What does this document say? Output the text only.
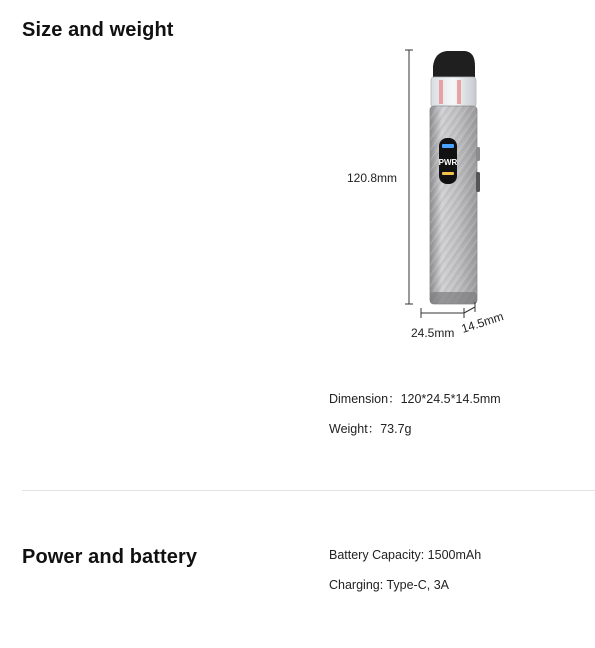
Size and weight
120.8mm
PWR
24.5mm 14.5mm
Dimension：120*24.5*14.5mm
Weight：73.7g
Power and battery	Battery Capacity: 1500mAh
Charging: Type-C, 3A
